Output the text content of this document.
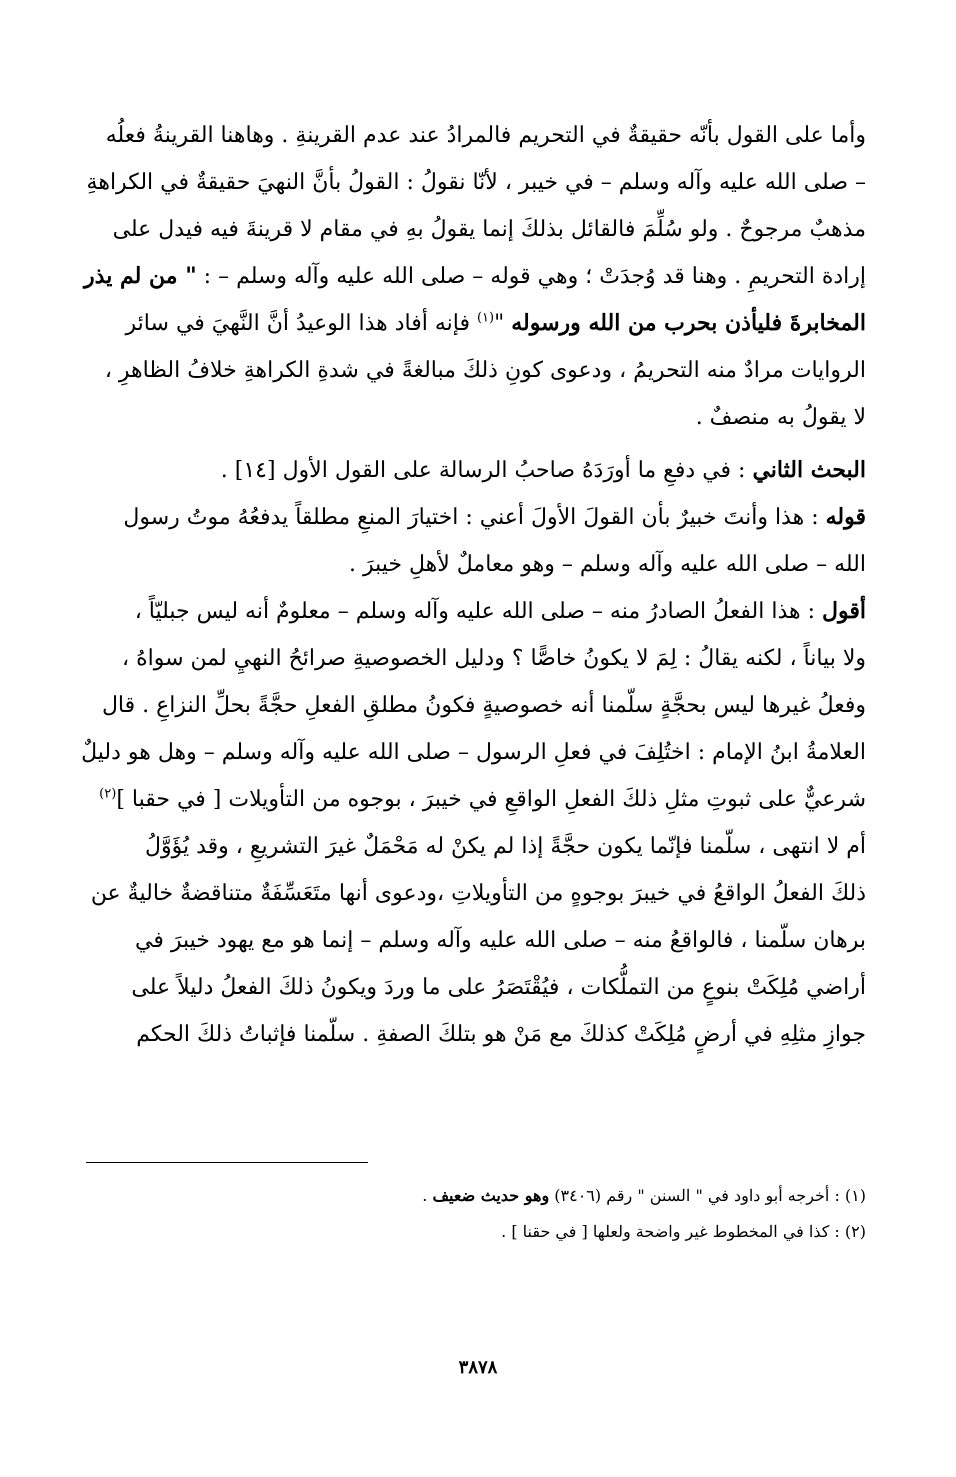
وأما على القول بأنّه حقيقةٌ في التحريم فالمرادُ عند عدم القرينةِ . وهاهنا القرينةُ فعلُه
– صلى الله عليه وآله وسلم – في خيبر ، لأنّا نقولُ : القولُ بأنَّ النهيَ حقيقةٌ في الكراهةِ
مذهبٌ مرجوحٌ . ولو سُلِّمَ فالقائل بذلكَ إنما يقولُ بهِ في مقام لا قرينةَ فيه فيدل على
إرادة التحريمِ . وهنا قد وُجدَتْ ؛ وهي قوله – صلى الله عليه وآله وسلم – : " من لم يذر
المخابرةَ فليأذن بحرب من الله ورسوله "$^{(١)}$ فإنه أفاد هذا الوعيدُ أنَّ النَّهيَ في سائر
الروايات مرادٌ منه التحريمُ ، ودعوى كونِ ذلكَ مبالغةً في شدةِ الكراهةِ خلافُ الظاهرِ ،
لا يقولُ به منصفٌ .
البحث الثاني : في دفعِ ما أورَدَهُ صاحبُ الرسالة على القول الأول [١٤] .
قوله : هذا وأنتَ خبيرٌ بأن القولَ الأولَ أعني : اختيارَ المنعِ مطلقاً يدفعُهُ موتُ رسول
الله – صلى الله عليه وآله وسلم – وهو معاملٌ لأهلِ خيبرَ .
أقول : هذا الفعلُ الصادرُ منه – صلى الله عليه وآله وسلم – معلومٌ أنه ليس جبليّاً ،
ولا بياناً ، لكنه يقالُ : لِمَ لا يكونُ خاصًّا ؟ ودليل الخصوصيةِ صرائحُ النهيِ لمن سواهُ ،
وفعلُ غيرها ليس بحجَّةٍ سلّمنا أنه خصوصيةٍ فكونُ مطلقِ الفعلِ حجَّةً بحلِّ النزاعِ . قال
العلامةُ ابنُ الإمام : اختُلِفَ في فعلِ الرسول – صلى الله عليه وآله وسلم – وهل هو دليلٌ
شرعيٌّ على ثبوتِ مثلِ ذلكَ الفعلِ الواقعِ في خيبرَ ، بوجوه من التأويلات [ في حقبا ]$^{(٢)}$
أم لا انتهى ، سلّمنا فإنّما يكون حجَّةً إذا لم يكنْ له مَحْمَلٌ غيرَ التشريعِ ، وقد يُؤَوَّلُ
ذلكَ الفعلُ الواقعُ في خيبرَ بوجوهٍ من التأويلاتِ ،ودعوى أنها متَعَسِّفَةٌ متناقضةٌ خاليةٌ عن
برهان سلّمنا ، فالواقعُ منه – صلى الله عليه وآله وسلم – إنما هو مع يهود خيبرَ في
أراضي مُلِكَتْ بنوعٍ من التملُّكات ، فيُقْتَصَرُ على ما وردَ ويكونُ ذلكَ الفعلُ دليلاً على
جوازِ مثلِهِ في أرضٍ مُلِكَتْ كذلكَ مع مَنْ هو بتلكَ الصفةِ . سلّمنا فإثباتُ ذلكَ الحكم
(١) : أخرجه أبو داود في " السنن " رقم (٣٤٠٦) وهو حديث ضعيف .
(٢) : كذا في المخطوط غير واضحة ولعلها [ في حقنا ] .
٣٨٧٨
